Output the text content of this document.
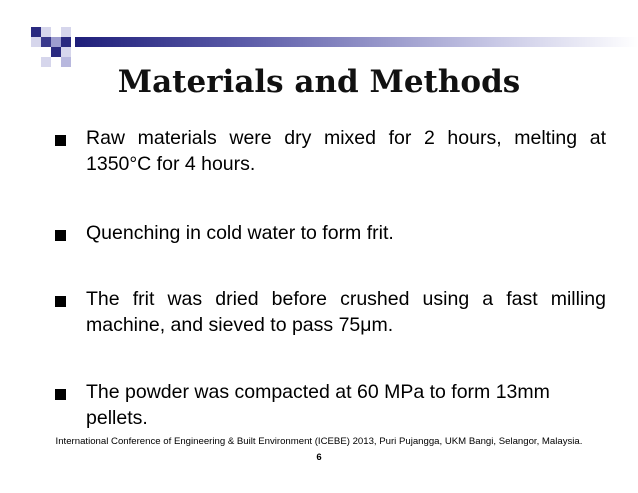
Materials and Methods
Raw materials were dry mixed for 2 hours, melting at 1350°C for 4 hours.
Quenching in cold water to form frit.
The frit was dried before crushed using a fast milling machine, and sieved to pass 75μm.
The powder was compacted at 60 MPa to form 13mm pellets.
International Conference of Engineering & Built Environment (ICEBE) 2013, Puri Pujangga, UKM Bangi, Selangor, Malaysia.
6
